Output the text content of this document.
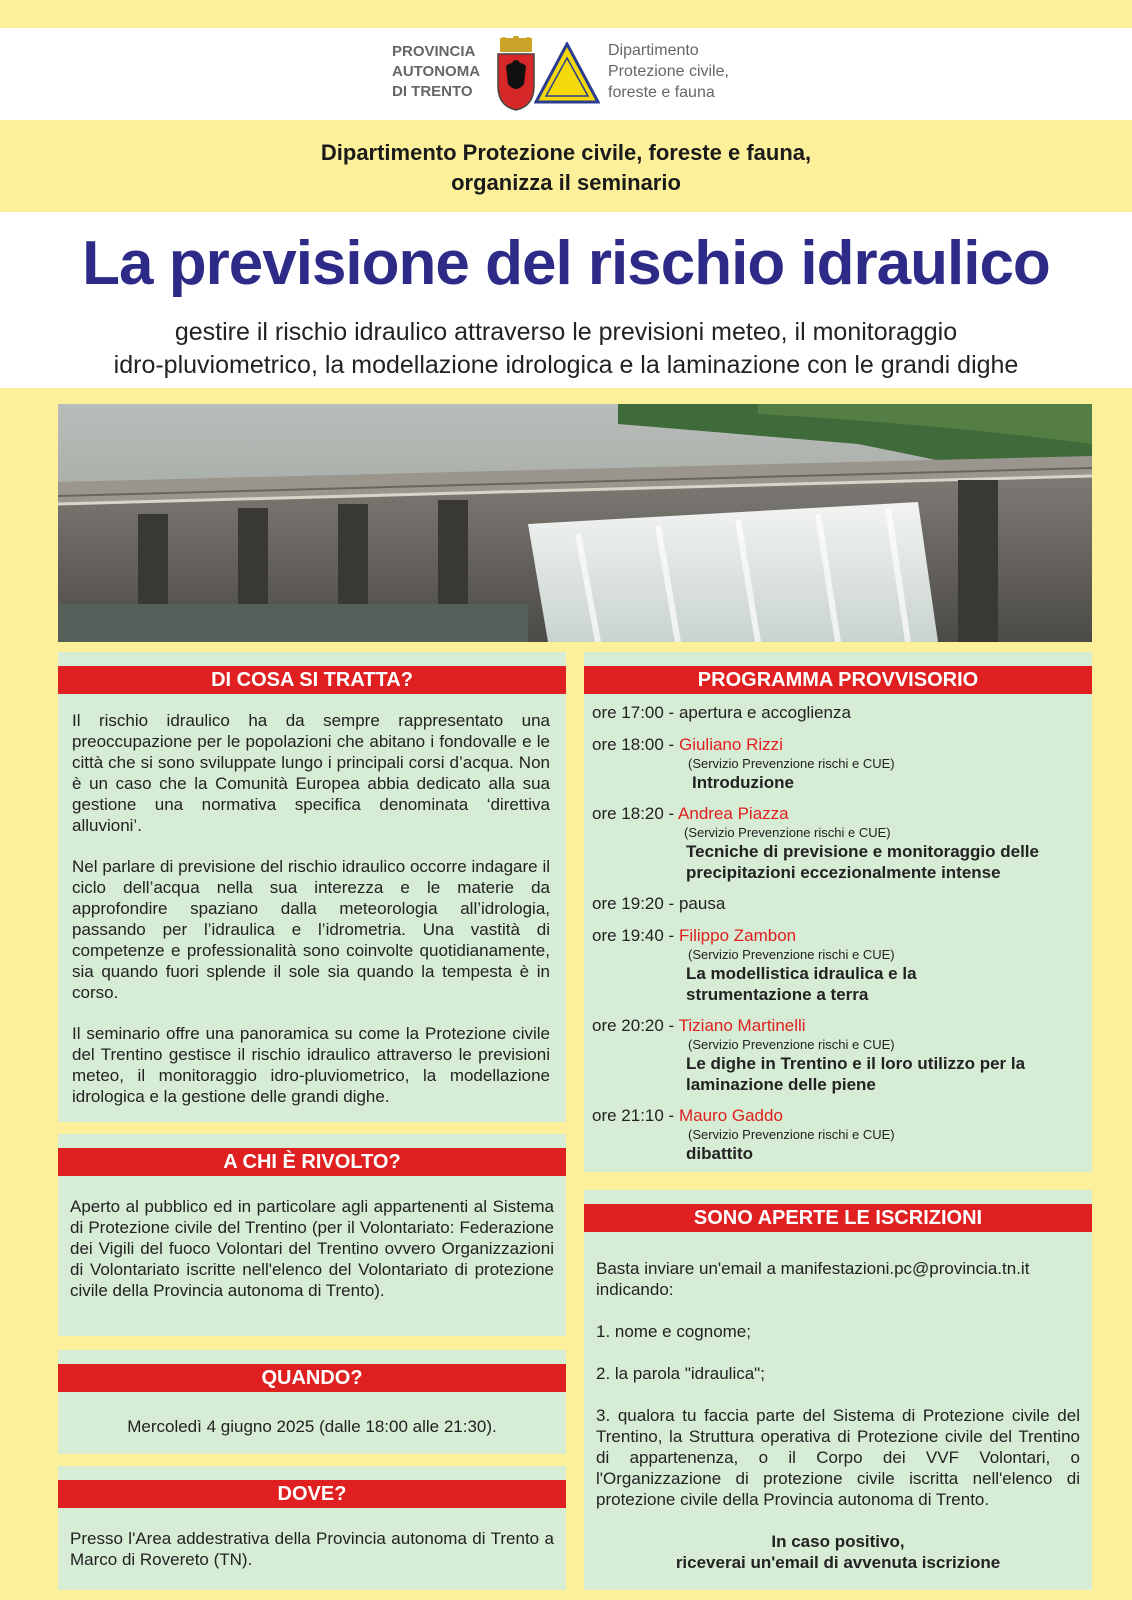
PROVINCIA
AUTONOMA
DI TRENTO
Dipartimento
Protezione civile,
foreste e fauna
Dipartimento Protezione civile, foreste e fauna,
organizza il seminario
La previsione del rischio idraulico
gestire il rischio idraulico attraverso le previsioni meteo, il monitoraggio
idro-pluviometrico, la modellazione idrologica e la laminazione con le grandi dighe
DI COSA SI TRATTA?

Il rischio idraulico ha da sempre rappresentato una preoccupazione per le popolazioni che abitano i fondovalle e le città che si sono sviluppate lungo i principali corsi d’acqua. Non è un caso che la Comunità Europea abbia dedicato alla sua gestione una normativa specifica denominata ‘direttiva alluvioni’.

Nel parlare di previsione del rischio idraulico occorre indagare il ciclo dell’acqua nella sua interezza e le materie da approfondire spaziano dalla meteorologia all’idrologia, passando per l’idraulica e l’idrometria. Una vastità di competenze e professionalità sono coinvolte quotidianamente, sia quando fuori splende il sole sia quando la tempesta è in corso.

Il seminario offre una panoramica su come la Protezione civile del Trentino gestisce il rischio idraulico attraverso le previsioni meteo, il monitoraggio idro-pluviometrico, la modellazione idrologica e la gestione delle grandi dighe.

A CHI È RIVOLTO?

Aperto al pubblico ed in particolare agli appartenenti al Sistema di Protezione civile del Trentino (per il Volontariato: Federazione dei Vigili del fuoco Volontari del Trentino ovvero Organizzazioni di Volontariato iscritte nell'elenco del Volontariato di protezione civile della Provincia autonoma di Trento).

QUANDO?
Mercoledì 4 giugno 2025 (dalle 18:00 alle 21:30).
DOVE?

Presso l'Area addestrativa della Provincia autonoma di Trento a Marco di Rovereto (TN).

PROGRAMMA PROVVISORIO
ore 17:00 - apertura e accoglienza
ore 18:00 - Giuliano Rizzi
(Servizio Prevenzione rischi e CUE)
Introduzione
ore 18:20 - Andrea Piazza
(Servizio Prevenzione rischi e CUE)
Tecniche di previsione e monitoraggio delle precipitazioni eccezionalmente intense
ore 19:20 - pausa
ore 19:40 - Filippo Zambon
(Servizio Prevenzione rischi e CUE)
La modellistica idraulica e la strumentazione a terra
ore 20:20 - Tiziano Martinelli
(Servizio Prevenzione rischi e CUE)
Le dighe in Trentino e il loro utilizzo per la laminazione delle piene
ore 21:10 - Mauro Gaddo
(Servizio Prevenzione rischi e CUE)
dibattito
SONO APERTE LE ISCRIZIONI
Basta inviare un'email a manifestazioni.pc@provincia.tn.it indicando:
1. nome e cognome;
2. la parola "idraulica";
3. qualora tu faccia parte del Sistema di Protezione civile del Trentino, la Struttura operativa di Protezione civile del Trentino di appartenenza, o il Corpo dei VVF Volontari, o l'Organizzazione di protezione civile iscritta nell'elenco di protezione civile della Provincia autonoma di Trento.
In caso positivo,
riceverai un'email di avvenuta iscrizione
